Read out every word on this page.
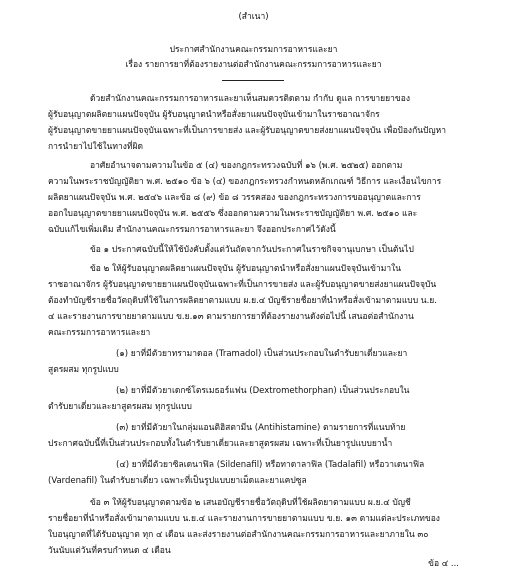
(สำเนา)

ประกาศสำนักงานคณะกรรมการอาหารและยา

เรื่อง รายการยาที่ต้องรายงานต่อสำนักงานคณะกรรมการอาหารและยา

ด้วยสำนักงานคณะกรรมการอาหารและยาเห็นสมควรติดตาม กำกับ ดูแล การขายยาของ

ผู้รับอนุญาตผลิตยาแผนปัจจุบัน ผู้รับอนุญาตนำหรือสั่งยาแผนปัจจุบันเข้ามาในราชอาณาจักร

ผู้รับอนุญาตขายยาแผนปัจจุบันเฉพาะที่เป็นการขายส่ง และผู้รับอนุญาตขายส่งยาแผนปัจจุบัน เพื่อป้องกันปัญหา

การนำยาไปใช้ในทางที่ผิด

อาศัยอำนาจตามความในข้อ ๕ (๔) ของกฎกระทรวงฉบับที่ ๑๖ (พ.ศ. ๒๕๒๕) ออกตาม

ความในพระราชบัญญัติยา พ.ศ. ๒๕๑๐ ข้อ ๖ (๔) ของกฎกระทรวงกำหนดหลักเกณฑ์ วิธีการ และเงื่อนไขการ

ผลิตยาแผนปัจจุบัน พ.ศ. ๒๕๔๖ และข้อ ๘ (๙) ข้อ ๘ วรรคสอง ของกฎกระทรวงการขออนุญาตและการ

ออกใบอนุญาตขายยาแผนปัจจุบัน พ.ศ. ๒๕๕๖ ซึ่งออกตามความในพระราชบัญญัติยา พ.ศ. ๒๕๑๐ และ

ฉบับแก้ไขเพิ่มเติม สำนักงานคณะกรรมการอาหารและยา จึงออกประกาศไว้ดังนี้

ข้อ ๑ ประกาศฉบับนี้ให้ใช้บังคับตั้งแต่วันถัดจากวันประกาศในราชกิจจานุเบกษา เป็นต้นไป

ข้อ ๒ ให้ผู้รับอนุญาตผลิตยาแผนปัจจุบัน ผู้รับอนุญาตนำหรือสั่งยาแผนปัจจุบันเข้ามาใน

ราชอาณาจักร ผู้รับอนุญาตขายยาแผนปัจจุบันเฉพาะที่เป็นการขายส่ง และผู้รับอนุญาตขายส่งยาแผนปัจจุบัน

ต้องทำบัญชีรายชื่อวัตถุดิบที่ใช้ในการผลิตยาตามแบบ ผ.ย.๔ บัญชีรายชื่อยาที่นำหรือสั่งเข้ามาตามแบบ น.ย.

๔ และรายงานการขายยาตามแบบ ข.ย.๑๓ ตามรายการยาที่ต้องรายงานดังต่อไปนี้ เสนอต่อสำนักงาน

คณะกรรมการอาหารและยา

(๑) ยาที่มีตัวยาทรามาดอล (Tramadol) เป็นส่วนประกอบในตำรับยาเดี่ยวและยา

สูตรผสม ทุกรูปแบบ

(๒) ยาที่มีตัวยาเดกซ์โตรเมธอร์แฟน (Dextromethorphan) เป็นส่วนประกอบใน

ตำรับยาเดี่ยวและยาสูตรผสม ทุกรูปแบบ

(๓) ยาที่มีตัวยาในกลุ่มแอนติฮิสตามีน (Antihistamine) ตามรายการที่แนบท้าย

ประกาศฉบับนี้ที่เป็นส่วนประกอบทั้งในตำรับยาเดี่ยวและยาสูตรผสม เฉพาะที่เป็นยารูปแบบยาน้ำ

(๔) ยาที่มีตัวยาซิลเดนาฟิล (Sildenafil) หรือทาดาลาฟิล (Tadalafil) หรือวาเดนาฟิล

(Vardenafil) ในตำรับยาเดี่ยว เฉพาะที่เป็นรูปแบบยาเม็ดและยาแคปซูล

ข้อ ๓ ให้ผู้รับอนุญาตตามข้อ ๒ เสนอบัญชีรายชื่อวัตถุดิบที่ใช้ผลิตยาตามแบบ ผ.ย.๔ บัญชี

รายชื่อยาที่นำหรือสั่งเข้ามาตามแบบ น.ย.๔ และรายงานการขายยาตามแบบ ข.ย. ๑๓ ตามแต่ละประเภทของ

ใบอนุญาตที่ได้รับอนุญาต ทุก ๔ เดือน และส่งรายงานต่อสำนักงานคณะกรรมการอาหารและยาภายใน ๓๐

วันนับแต่วันที่ครบกำหนด ๔ เดือน

ข้อ ๔ ...
